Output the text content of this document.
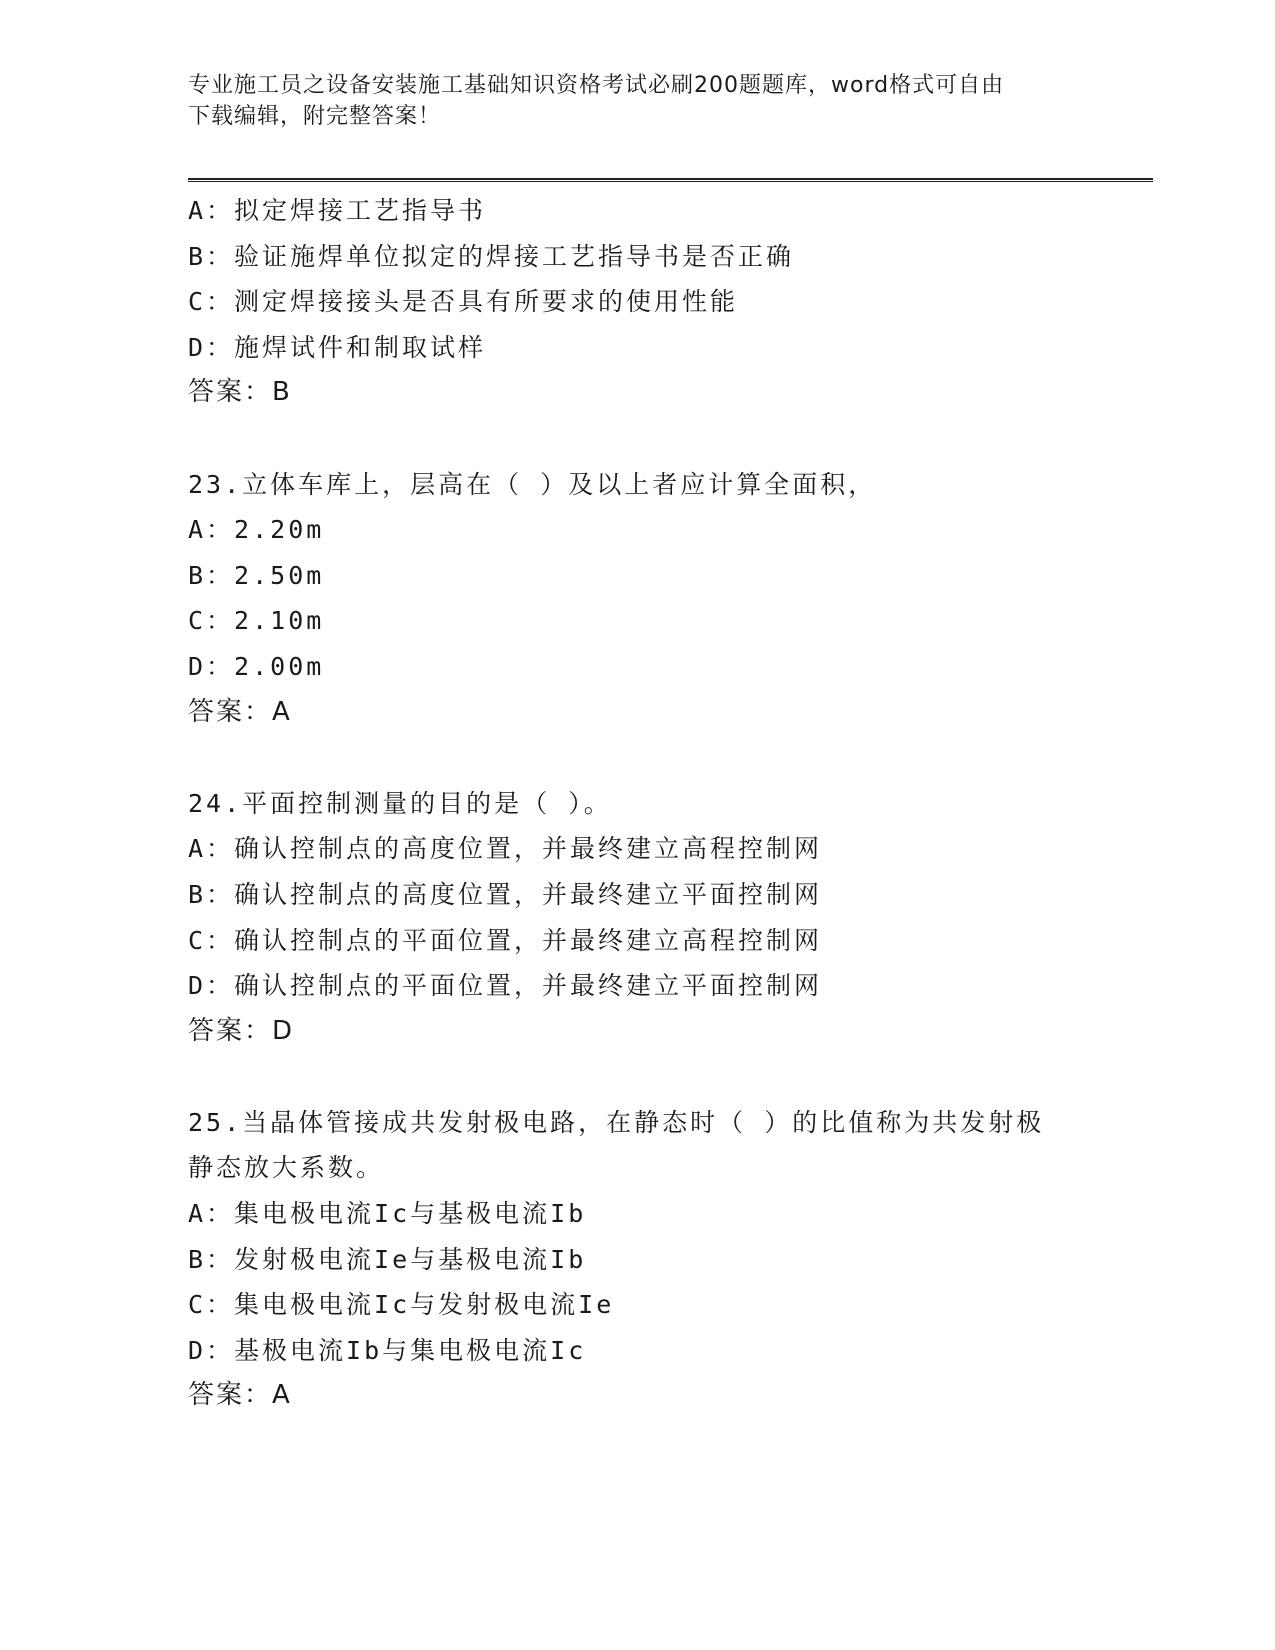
专业施工员之设备安装施工基础知识资格考试必刷200题题库，word格式可自由
下载编辑，附完整答案！
A：拟定焊接工艺指导书
B：验证施焊单位拟定的焊接工艺指导书是否正确
C：测定焊接接头是否具有所要求的使用性能
D：施焊试件和制取试样
答案：B
23.立体车库上，层高在（ ）及以上者应计算全面积，
A：2.20m
B：2.50m
C：2.10m
D：2.00m
答案：A
24.平面控制测量的目的是（ ）。
A：确认控制点的高度位置，并最终建立高程控制网
B：确认控制点的高度位置，并最终建立平面控制网
C：确认控制点的平面位置，并最终建立高程控制网
D：确认控制点的平面位置，并最终建立平面控制网
答案：D
25.当晶体管接成共发射极电路，在静态时（ ）的比值称为共发射极
静态放大系数。
A：集电极电流Ic与基极电流Ib
B：发射极电流Ie与基极电流Ib
C：集电极电流Ic与发射极电流Ie
D：基极电流Ib与集电极电流Ic
答案：A
